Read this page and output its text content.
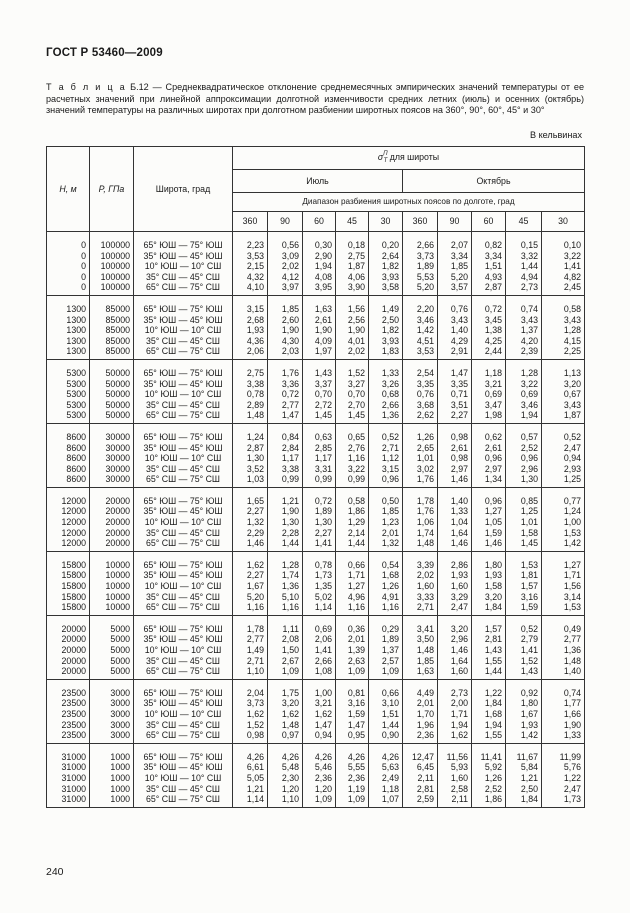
ГОСТ Р 53460—2009
Т а б л и ц а Б.12 — Среднеквадратическое отклонение среднемесячных эмпирических значений температуры от ее расчетных значений при линейной аппроксимации долготной изменчивости средних летних (июль) и осенних (октябрь) значений температуры на различных широтах при долготном разбиении широтных поясов на 360°, 90°, 60°, 45° и 30°
В кельвинах
H, м	P, ГПа	Широта, град	$\sigma^П_T$ для широты									
			Июль					Октябрь				
			Диапазон разбиения широтных поясов по долготе, град									
			360	90	60	45	30	360	90	60	45	30
0	100000	65° ЮШ — 75° ЮШ	2,23	0,56	0,30	0,18	0,20	2,66	2,07	0,82	0,15	0,10
0	100000	35° ЮШ — 45° ЮШ	3,53	3,09	2,90	2,75	2,64	3,73	3,34	3,34	3,32	3,22
0	100000	10° ЮШ — 10° СШ	2,15	2,02	1,94	1,87	1,82	1,89	1,85	1,51	1,44	1,41
0	100000	35° СШ — 45° СШ	4,32	4,12	4,08	4,06	3,93	5,53	5,20	4,93	4,94	4,82
0	100000	65° СШ — 75° СШ	4,10	3,97	3,95	3,90	3,58	5,20	3,57	2,87	2,73	2,45
1300	85000	65° ЮШ — 75° ЮШ	3,15	1,85	1,63	1,56	1,49	2,20	0,76	0,72	0,74	0,58
1300	85000	35° ЮШ — 45° ЮШ	2,68	2,60	2,61	2,56	2,50	3,46	3,43	3,45	3,43	3,43
1300	85000	10° ЮШ — 10° СШ	1,93	1,90	1,90	1,90	1,82	1,42	1,40	1,38	1,37	1,28
1300	85000	35° СШ — 45° СШ	4,36	4,30	4,09	4,01	3,93	4,51	4,29	4,25	4,20	4,15
1300	85000	65° СШ — 75° СШ	2,06	2,03	1,97	2,02	1,83	3,53	2,91	2,44	2,39	2,25
5300	50000	65° ЮШ — 75° ЮШ	2,75	1,76	1,43	1,52	1,33	2,54	1,47	1,18	1,28	1,13
5300	50000	35° ЮШ — 45° ЮШ	3,38	3,36	3,37	3,27	3,26	3,35	3,35	3,21	3,22	3,20
5300	50000	10° ЮШ — 10° СШ	0,78	0,72	0,70	0,70	0,68	0,76	0,71	0,69	0,69	0,67
5300	50000	35° СШ — 45° СШ	2,89	2,77	2,72	2,70	2,66	3,68	3,51	3,47	3,46	3,43
5300	50000	65° СШ — 75° СШ	1,48	1,47	1,45	1,45	1,36	2,62	2,27	1,98	1,94	1,87
8600	30000	65° ЮШ — 75° ЮШ	1,24	0,84	0,63	0,65	0,52	1,26	0,98	0,62	0,57	0,52
8600	30000	35° ЮШ — 45° ЮШ	2,87	2,84	2,85	2,76	2,71	2,65	2,61	2,61	2,52	2,47
8600	30000	10° ЮШ — 10° СШ	1,30	1,17	1,17	1,16	1,12	1,01	0,98	0,96	0,96	0,94
8600	30000	35° СШ — 45° СШ	3,52	3,38	3,31	3,22	3,15	3,02	2,97	2,97	2,96	2,93
8600	30000	65° СШ — 75° СШ	1,03	0,99	0,99	0,99	0,96	1,76	1,46	1,34	1,30	1,25
12000	20000	65° ЮШ — 75° ЮШ	1,65	1,21	0,72	0,58	0,50	1,78	1,40	0,96	0,85	0,77
12000	20000	35° ЮШ — 45° ЮШ	2,27	1,90	1,89	1,86	1,85	1,76	1,33	1,27	1,25	1,24
12000	20000	10° ЮШ — 10° СШ	1,32	1,30	1,30	1,29	1,23	1,06	1,04	1,05	1,01	1,00
12000	20000	35° СШ — 45° СШ	2,29	2,28	2,27	2,14	2,01	1,74	1,64	1,59	1,58	1,53
12000	20000	65° СШ — 75° СШ	1,46	1,44	1,41	1,44	1,32	1,48	1,46	1,46	1,45	1,42
15800	10000	65° ЮШ — 75° ЮШ	1,62	1,28	0,78	0,66	0,54	3,39	2,86	1,80	1,53	1,27
15800	10000	35° ЮШ — 45° ЮШ	2,27	1,74	1,73	1,71	1,68	2,02	1,93	1,93	1,81	1,71
15800	10000	10° ЮШ — 10° СШ	1,67	1,36	1,35	1,27	1,26	1,60	1,60	1,58	1,57	1,56
15800	10000	35° СШ — 45° СШ	5,20	5,10	5,02	4,96	4,91	3,33	3,29	3,20	3,16	3,14
15800	10000	65° СШ — 75° СШ	1,16	1,16	1,14	1,16	1,16	2,71	2,47	1,84	1,59	1,53
20000	5000	65° ЮШ — 75° ЮШ	1,78	1,11	0,69	0,36	0,29	3,41	3,20	1,57	0,52	0,49
20000	5000	35° ЮШ — 45° ЮШ	2,77	2,08	2,06	2,01	1,89	3,50	2,96	2,81	2,79	2,77
20000	5000	10° ЮШ — 10° СШ	1,49	1,50	1,41	1,39	1,37	1,48	1,46	1,43	1,41	1,36
20000	5000	35° СШ — 45° СШ	2,71	2,67	2,66	2,63	2,57	1,85	1,64	1,55	1,52	1,48
20000	5000	65° СШ — 75° СШ	1,10	1,09	1,08	1,09	1,09	1,63	1,60	1,44	1,43	1,40
23500	3000	65° ЮШ — 75° ЮШ	2,04	1,75	1,00	0,81	0,66	4,49	2,73	1,22	0,92	0,74
23500	3000	35° ЮШ — 45° ЮШ	3,73	3,20	3,21	3,16	3,10	2,01	2,00	1,84	1,80	1,77
23500	3000	10° ЮШ — 10° СШ	1,62	1,62	1,62	1,59	1,51	1,70	1,71	1,68	1,67	1,66
23500	3000	35° СШ — 45° СШ	1,52	1,48	1,47	1,47	1,44	1,96	1,94	1,94	1,93	1,90
23500	3000	65° СШ — 75° СШ	0,98	0,97	0,94	0,95	0,90	2,36	1,62	1,55	1,42	1,33
31000	1000	65° ЮШ — 75° ЮШ	4,26	4,26	4,26	4,26	4,26	12,47	11,56	11,41	11,67	11,99
31000	1000	35° ЮШ — 45° ЮШ	6,61	5,48	5,46	5,55	5,63	6,45	5,93	5,92	5,84	5,76
31000	1000	10° ЮШ — 10° СШ	5,05	2,30	2,36	2,36	2,49	2,11	1,60	1,26	1,21	1,22
31000	1000	35° СШ — 45° СШ	1,21	1,20	1,20	1,19	1,18	2,81	2,58	2,52	2,50	2,47
31000	1000	65° СШ — 75° СШ	1,14	1,10	1,09	1,09	1,07	2,59	2,11	1,86	1,84	1,73
240
